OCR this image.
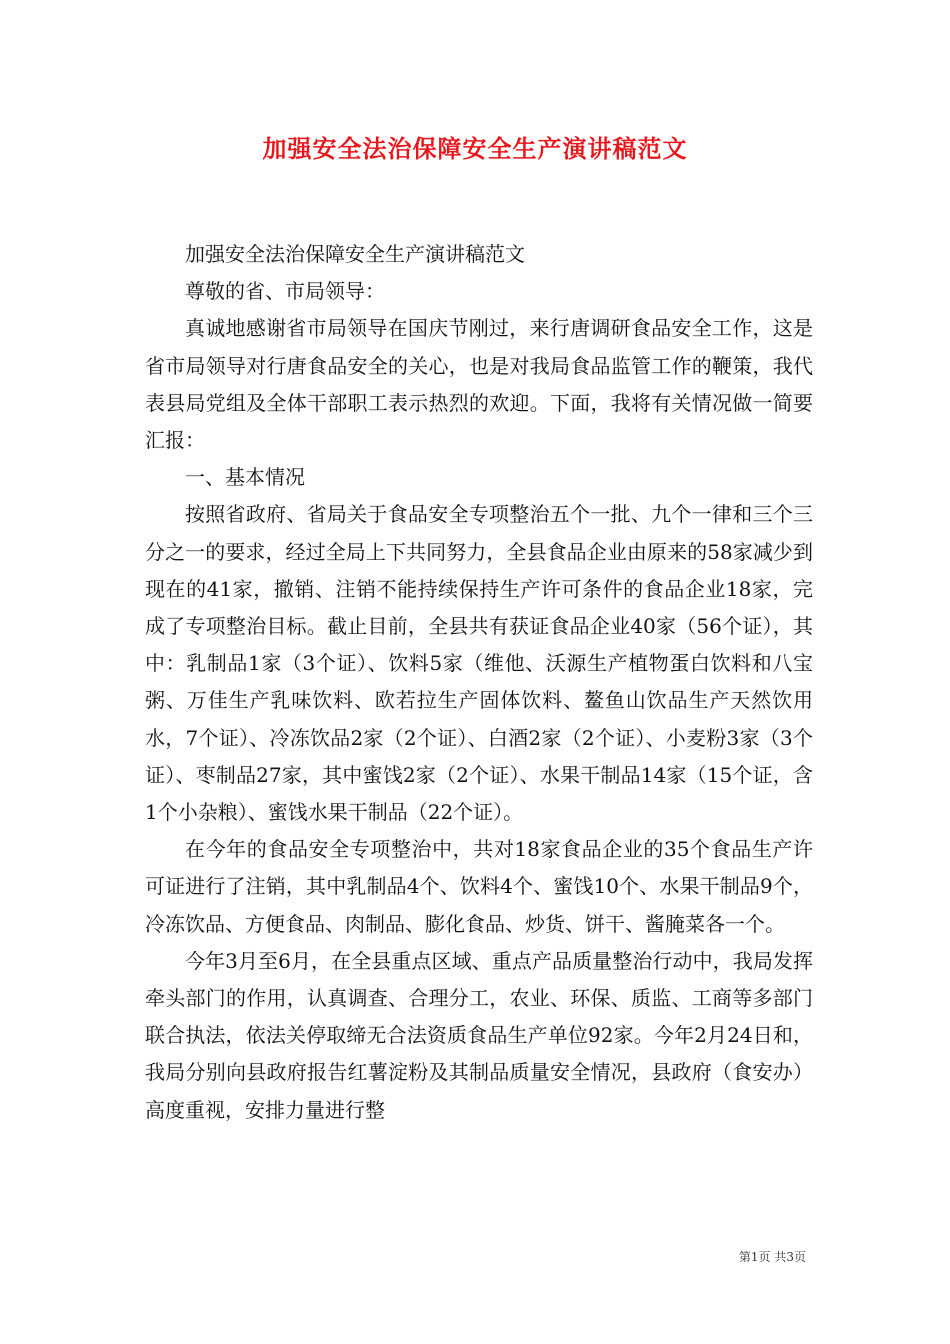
加强安全法治保障安全生产演讲稿范文

加强安全法治保障安全生产演讲稿范文

尊敬的省、市局领导：

真诚地感谢省市局领导在国庆节刚过，来行唐调研食品安全工作，这是省市局领导对行唐食品安全的关心，也是对我局食品监管工作的鞭策，我代表县局党组及全体干部职工表示热烈的欢迎。下面，我将有关情况做一简要汇报：

一、基本情况

按照省政府、省局关于食品安全专项整治五个一批、九个一律和三个三分之一的要求，经过全局上下共同努力，全县食品企业由原来的58家减少到现在的41家，撤销、注销不能持续保持生产许可条件的食品企业18家，完成了专项整治目标。截止目前，全县共有获证食品企业40家（56个证），其中：乳制品1家（3个证）、饮料5家（维他、沃源生产植物蛋白饮料和八宝粥、万佳生产乳味饮料、欧若拉生产固体饮料、鳌鱼山饮品生产天然饮用水，7个证）、冷冻饮品2家（2个证）、白酒2家（2个证）、小麦粉3家（3个证）、枣制品27家，其中蜜饯2家（2个证）、水果干制品14家（15个证，含1个小杂粮）、蜜饯水果干制品（22个证）。

在今年的食品安全专项整治中，共对18家食品企业的35个食品生产许可证进行了注销，其中乳制品4个、饮料4个、蜜饯10个、水果干制品9个，冷冻饮品、方便食品、肉制品、膨化食品、炒货、饼干、酱腌菜各一个。

今年3月至6月，在全县重点区域、重点产品质量整治行动中，我局发挥牵头部门的作用，认真调查、合理分工，农业、环保、质监、工商等多部门联合执法，依法关停取缔无合法资质食品生产单位92家。今年2月24日和，我局分别向县政府报告红薯淀粉及其制品质量安全情况，县政府（食安办）高度重视，安排力量进行整

第1页 共3页
